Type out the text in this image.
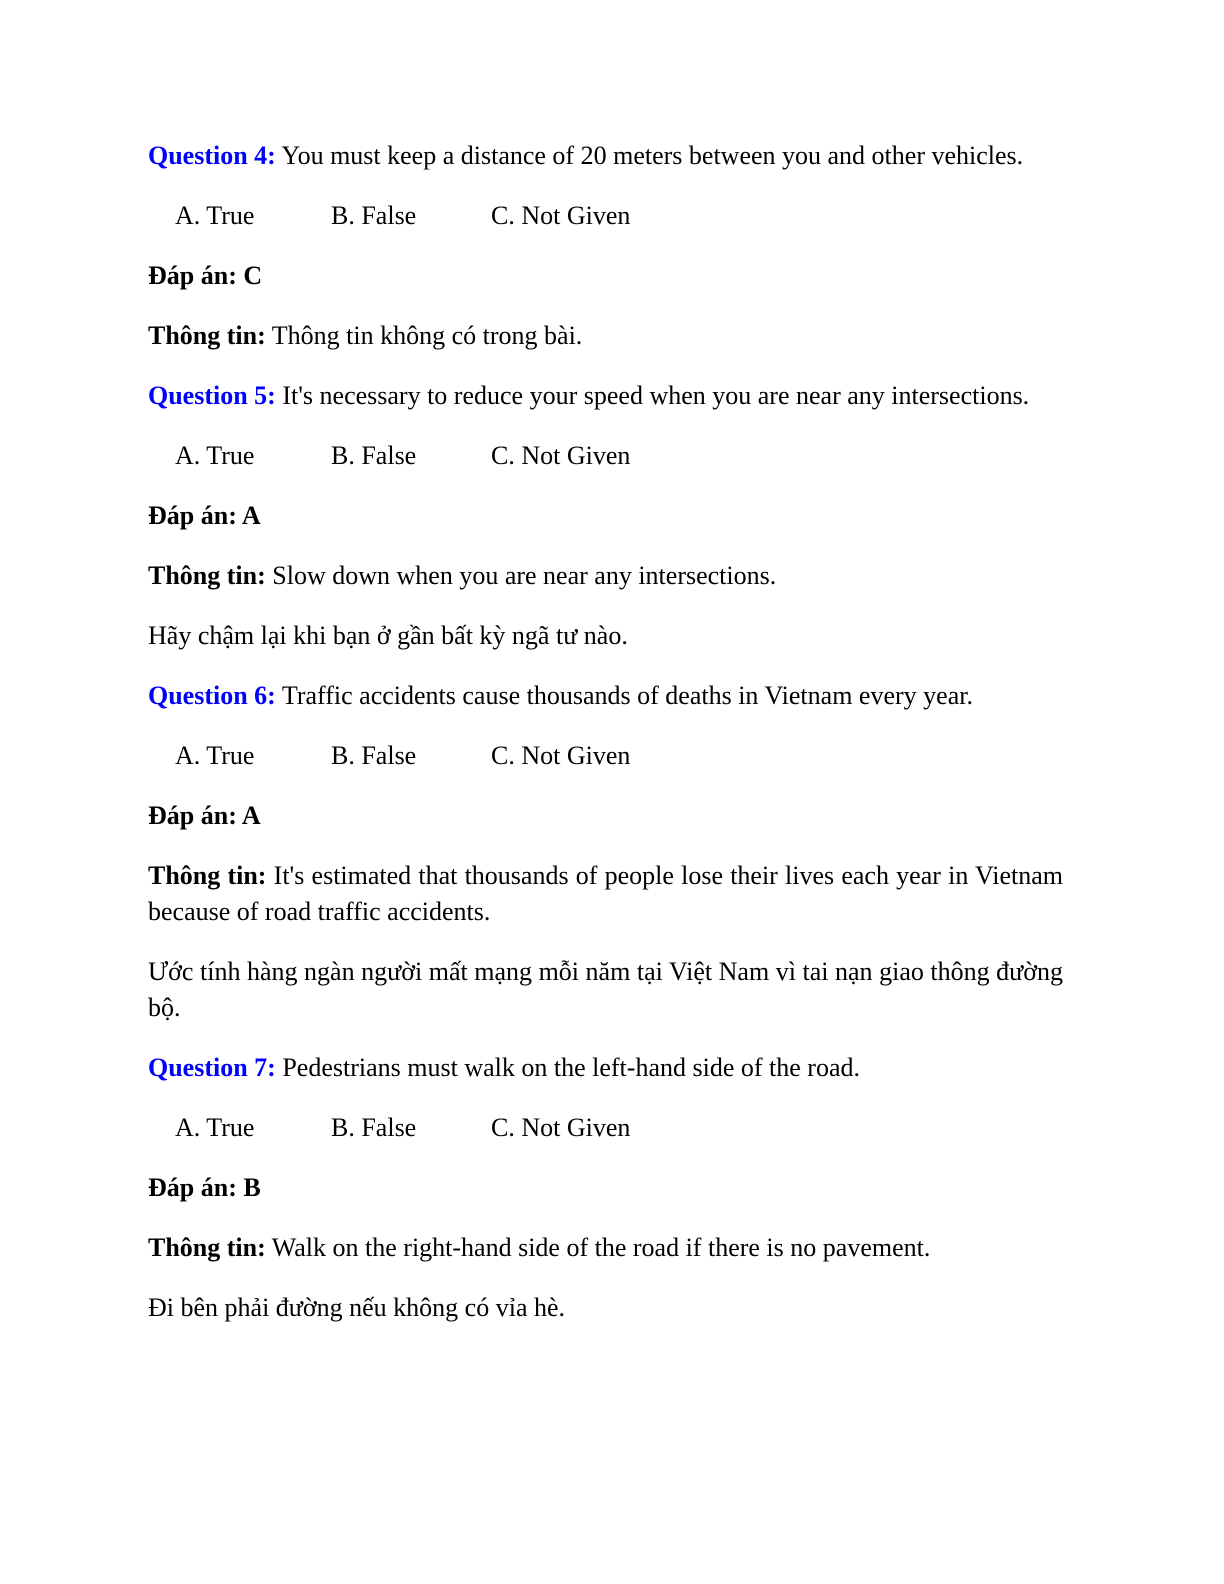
Question 4: You must keep a distance of 20 meters between you and other vehicles.

A. True	B. False	C. Not Given

Đáp án: C

Thông tin: Thông tin không có trong bài.

Question 5: It's necessary to reduce your speed when you are near any intersections.

A. True	B. False	C. Not Given

Đáp án: A

Thông tin: Slow down when you are near any intersections.

Hãy chậm lại khi bạn ở gần bất kỳ ngã tư nào.

Question 6: Traffic accidents cause thousands of deaths in Vietnam every year.

A. True	B. False	C. Not Given

Đáp án: A

Thông tin: It's estimated that thousands of people lose their lives each year in Vietnam because of road traffic accidents.

Ước tính hàng ngàn người mất mạng mỗi năm tại Việt Nam vì tai nạn giao thông đường bộ.

Question 7: Pedestrians must walk on the left-hand side of the road.

A. True	B. False	C. Not Given

Đáp án: B

Thông tin: Walk on the right-hand side of the road if there is no pavement.

Đi bên phải đường nếu không có vỉa hè.
